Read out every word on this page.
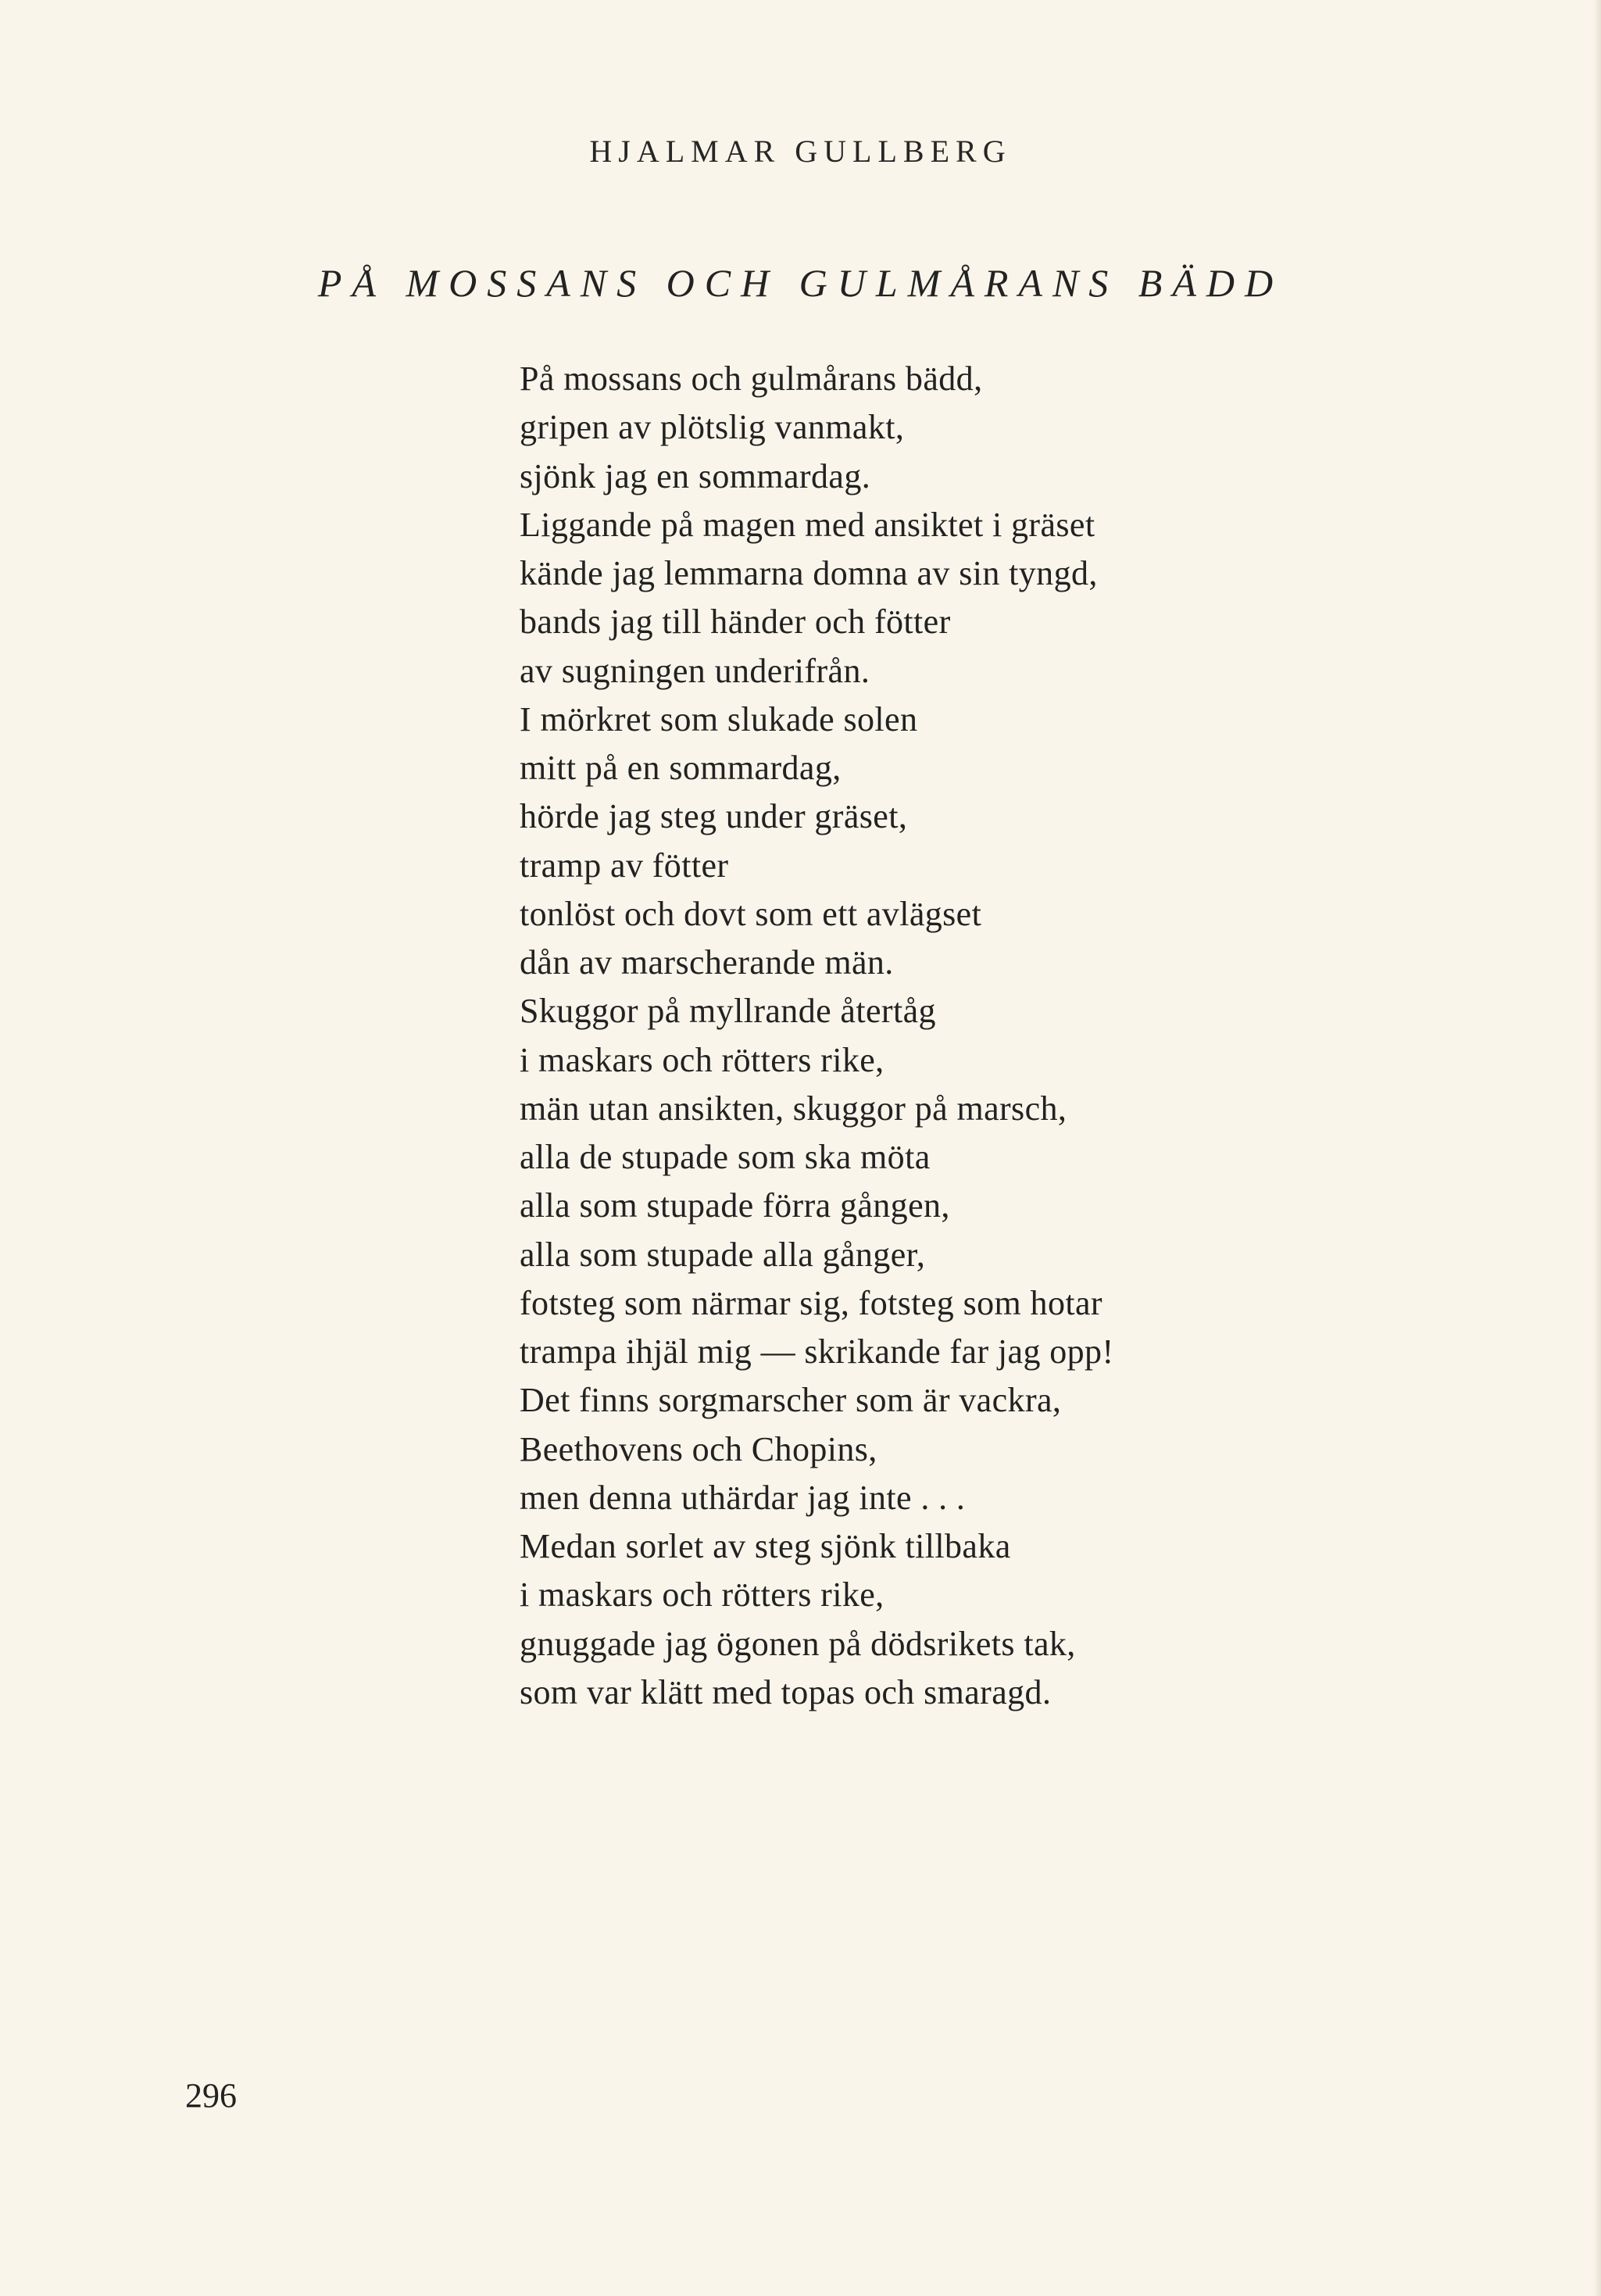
HJALMAR GULLBERG
PÅ MOSSANS OCH GULMÅRANS BÄDD
På mossans och gulmårans bädd,
gripen av plötslig vanmakt,
sjönk jag en sommardag.
Liggande på magen med ansiktet i gräset
kände jag lemmarna domna av sin tyngd,
bands jag till händer och fötter
av sugningen underifrån.
I mörkret som slukade solen
mitt på en sommardag,
hörde jag steg under gräset,
tramp av fötter
tonlöst och dovt som ett avlägset
dån av marscherande män.
Skuggor på myllrande återtåg
i maskars och rötters rike,
män utan ansikten, skuggor på marsch,
alla de stupade som ska möta
alla som stupade förra gången,
alla som stupade alla gånger,
fotsteg som närmar sig, fotsteg som hotar
trampa ihjäl mig — skrikande far jag opp!
Det finns sorgmarscher som är vackra,
Beethovens och Chopins,
men denna uthärdar jag inte . . .
Medan sorlet av steg sjönk tillbaka
i maskars och rötters rike,
gnuggade jag ögonen på dödsrikets tak,
som var klätt med topas och smaragd.
296
